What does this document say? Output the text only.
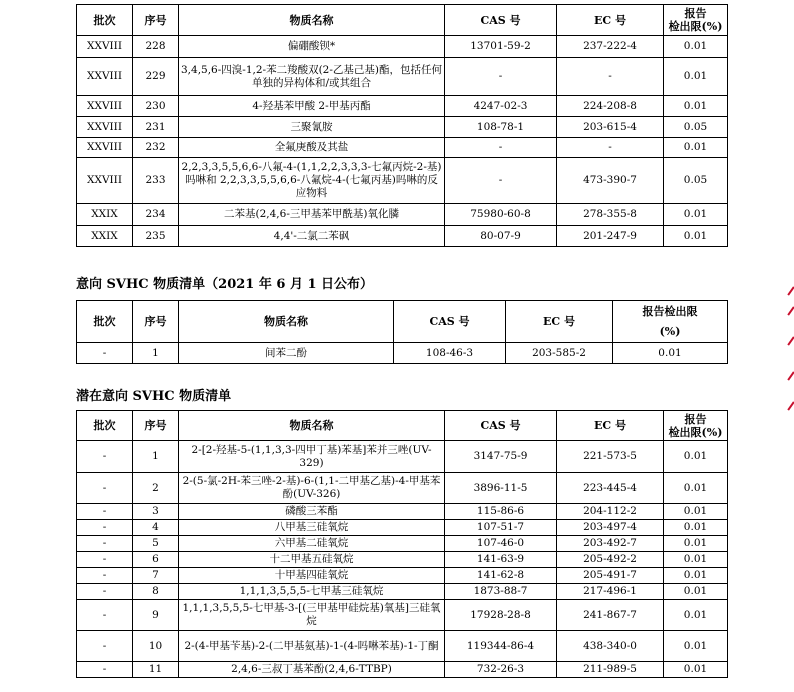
批次	序号	物质名称	CAS 号	EC 号	报告
检出限(%)
XXVIII	228	偏硼酸钡*	13701-59-2	237-222-4	0.01
XXVIII	229	3,4,5,6-四溴-1,2-苯二羧酸双(2-乙基己基)酯，包括任何单独的异构体和/或其组合	-	-	0.01
XXVIII	230	4-羟基苯甲酸 2-甲基丙酯	4247-02-3	224-208-8	0.01
XXVIII	231	三聚氰胺	108-78-1	203-615-4	0.05
XXVIII	232	全氟庚酸及其盐	-	-	0.01
XXVIII	233	2,2,3,3,5,5,6,6-八氟-4-(1,1,2,2,3,3,3-七氟丙烷-2-基)吗啉和 2,2,3,3,5,5,6,6-八氟烷-4-(七氟丙基)吗啉的反应物料	-	473-390-7	0.05
XXIX	234	二苯基(2,4,6-三甲基苯甲酰基)氧化膦	75980-60-8	278-355-8	0.01
XXIX	235	4,4'-二氯二苯砜	80-07-9	201-247-9	0.01
意向 SVHC 物质清单（2021 年 6 月 1 日公布）
批次	序号	物质名称	CAS 号	EC 号	报告检出限
(%)
-	1	间苯二酚	108-46-3	203-585-2	0.01
潜在意向 SVHC 物质清单
批次	序号	物质名称	CAS 号	EC 号	报告
检出限(%)
-	1	2-[2-羟基-5-(1,1,3,3-四甲丁基)苯基]苯并三唑(UV-329)	3147-75-9	221-573-5	0.01
-	2	2-(5-氯-2H-苯三唑-2-基)-6-(1,1-二甲基乙基)-4-甲基苯酚(UV-326)	3896-11-5	223-445-4	0.01
-	3	磷酸三苯酯	115-86-6	204-112-2	0.01
-	4	八甲基三硅氧烷	107-51-7	203-497-4	0.01
-	5	六甲基二硅氧烷	107-46-0	203-492-7	0.01
-	6	十二甲基五硅氧烷	141-63-9	205-492-2	0.01
-	7	十甲基四硅氧烷	141-62-8	205-491-7	0.01
-	8	1,1,1,3,5,5,5-七甲基三硅氧烷	1873-88-7	217-496-1	0.01
-	9	1,1,1,3,5,5,5-七甲基-3-[(三甲基甲硅烷基)氧基]三硅氧烷	17928-28-8	241-867-7	0.01
-	10	2-(4-甲基苄基)-2-(二甲基氨基)-1-(4-吗啉苯基)-1-丁酮	119344-86-4	438-340-0	0.01
-	11	2,4,6-三叔丁基苯酚(2,4,6-TTBP)	732-26-3	211-989-5	0.01
